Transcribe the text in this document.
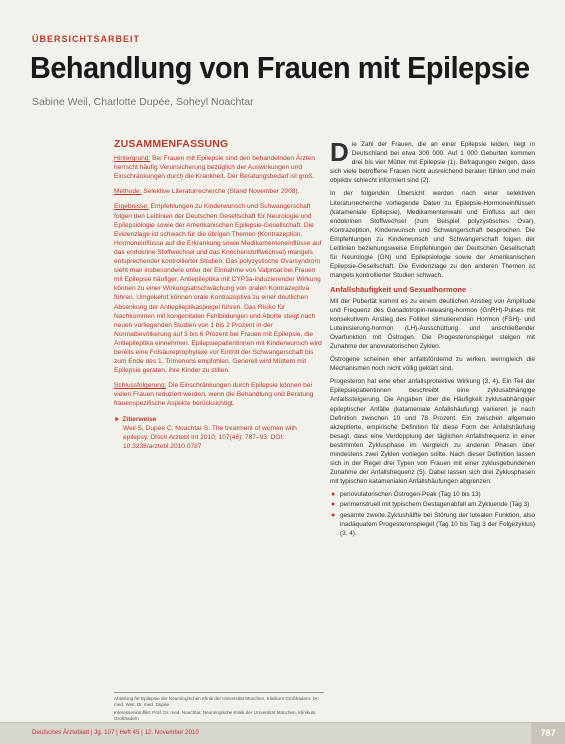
ÜBERSICHTSARBEIT
Behandlung von Frauen mit Epilepsie
Sabine Weil, Charlotte Dupée, Soheyl Noachtar
ZUSAMMENFASSUNG

Hintergrund: Bei Frauen mit Epilepsie sind den behandelnden Ärzten herrscht häufig Verunsicherung bezüglich der Auswirkungen und Einschränkungen durch die Krankheit. Der Beratungsbedarf ist groß.

Methode: Selektive Literaturrecherche (Stand November 2008).

Ergebnisse: Empfehlungen zu Kinderwunsch und Schwangerschaft folgen den Leitlinien der Deutschen Gesellschaft für Neurologie und Epilepsiologie sowie der Amerikanischen Epilepsie-Gesellschaft. Die Evidenzlage ist schwach für die übrigen Themen (Kontrazeption, Hormoneinflüsse auf die Erkrankung sowie Medikamenteneinflüsse auf das endokrine Stoffwechsel und das Knochenstoffwechsel) mangels entsprechender kontrollierter Studien. Das polyzystische Ovarsyndrom sieht man insbesondere unter der Einnahme von Valproat bei Frauen mit Epilepsie häufiger. Antiepileptika mit CYP3a-induzierender Wirkung können zu einer Wirkungsabschwächung von oralen Kontrazeptiva führen. Umgekehrt können orale Kontrazeptiva zu einer deutlichen Absenkung der Antiepileptikaspiegel führen. Das Risiko für Nachkommen mit kongenitalen Fehlbildungen und Aborte steigt nach neuen vorliegenden Studien von 1 bis 2 Prozent in der Normalbevölkerung auf 3 bis 6 Prozent bei Frauen mit Epilepsie, die Antiepileptika einnehmen. Epilepsiepatientinnen mit Kinderwunsch wird bereits eine Folsäureprophylaxe vor Eintritt der Schwangerschaft bis zum Ende des 1. Trimenons empfohlen. Generell wird Müttern mit Epilepsie geraten, ihre Kinder zu stillen.

Schlussfolgerung: Die Einschränkungen durch Epilepsie können bei vielen Frauen reduziert werden, wenn die Behandlung und Beratung frauenspezifische Aspekte berücksichtigt.

► Zitierweise
Weil S, Dupée C, Noachtar S: The treatment of women with epilepsy. Dtsch Arztebl Int 2010; 107(46): 787–93. DOI: 10.3238/arztebl.2010.0787

Abteilung für Epilepsie der Neurologischen Klinik der Universität München, Klinikum Großhadern: Dr. med. Weil, Dr. med. Dupée

Interessenkonflikt: Prof. Dr. med. Noachtar, Neurologische Klinik der Universität München, Klinikum Großhadern

Die Zahl der Frauen, die an einer Epilepsie leiden, liegt in Deutschland bei etwa 300 000. Auf 1 000 Geburten kommen drei bis vier Mütter mit Epilepsie (1). Befragungen zeigen, dass sich viele betroffene Frauen nicht ausreichend beraten fühlen und mein objektiv schlecht informiert sind (2).

In der folgenden Übersicht werden nach einer selektiven Literaturrecherche vorliegende Daten zu Epilepsie-Hormoneinflüssen (katameniale Epilepsie), Medikamentenwahl und Einfluss auf den endokrinen Stoffwechsel (zum Beispiel polyzystisches Ovar), Kontrazeption, Kinderwunsch und Schwangerschaft besprochen. Die Empfehlungen zu Kinderwunsch und Schwangerschaft folgen der Leitlinien beziehungsweise Empfehlungen der Deutschen Gesellschaft für Neurologie (GN) und Epilepsiologie sowie der Amerikanischen Epilepsie-Gesellschaft. Die Evidenzlage zu den anderen Themen ist mangels kontrollierter Studien schwach.

Anfallshäufigkeit und Sexualhormone

Mit der Pubertät kommt es zu einem deutlichen Anstieg von Amplitude und Frequenz des Gonadotropin-releasing-hormon (GnRH)-Pulses mit konsekutivem Anstieg des Follikel stimulierenden Hormon (FSH)- und Luteinisierung-hormon (LH)-Ausschüttung und anschließender Ovarfunktion mit Östrogen. Die Progesteronspiegel steigen mit Zunahme der anovulatorischen Zyklen.

Östrogene scheinen eher anfallsfördernd zu wirken, wenngleich die Mechanismen noch nicht völlig geklärt sind.

Progesteron hat eine eher anfallsprotektive Wirkung (3, 4). Ein Teil der Epilepsiepatientinnen beschreibt eine zyklusabhängige Anfallssteigerung. Die Angaben über die Häufigkeit zyklusabhängiger epileptischer Anfälle (katameniale Anfallshäufung) variieren je nach Definition zwischen 10 und 78 Prozent. Ein zwischen allgemein akzeptierte, empirische Definition für diese Form der Anfallshäufung besagt, dass eine Verdopplung der täglichen Anfallsfrequenz in einer bestimmten Zyklusphase im Vergleich zu anderen Phasen über mindestens zwei Zyklen vorliegen sollte. Nach dieser Definition lassen sich in der Regel drei Typen von Frauen mit einer zyklusgebundenen Zunahme der Anfallsfrequenz (5). Dabei lassen sich drei Zyklusphasen mit typischen katamenialen Anfallshäufungen abgrenzen:

● periovulatorischen Östrogen-Peak (Tag 10 bis 13)
● perimenstruell mit typischem Gestagenabfall am Zykluende (Tag 3)
● gesamte zweite Zyklushälfte bei Störung der lutealen Funktion, also inadäquatem Progesteronspiegel (Tag 10 bis Tag 3 der Folgezyklus) (3, 4).
Deutsches Ärzteblatt | Jg. 107 | Heft 45 | 12. November 2010	787
